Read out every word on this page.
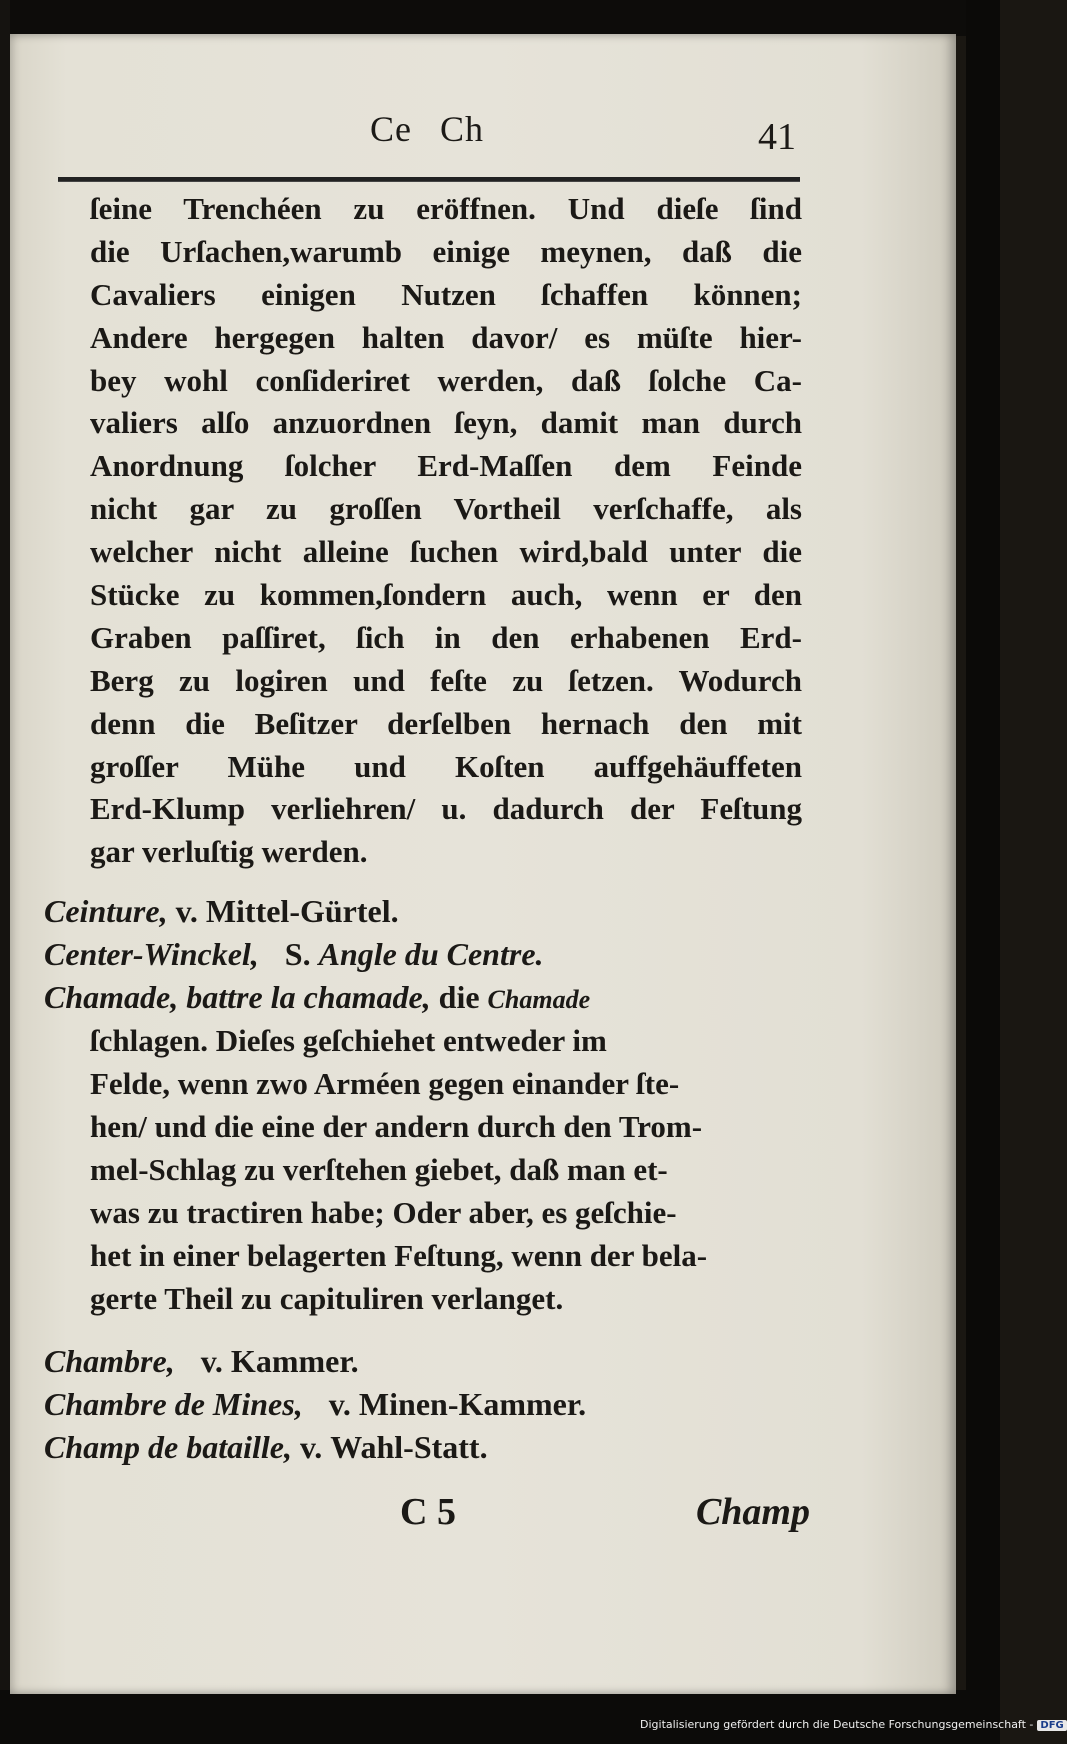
Ce Ch	41
ſeine Trenchéen zu eröffnen. Und dieſe ſind
die Urſachen,warumb einige meynen, daß die
Cavaliers einigen Nutzen ſchaffen können;
Andere hergegen halten davor/ es müſte hier-
bey wohl conſideriret werden, daß ſolche Ca-
valiers alſo anzuordnen ſeyn, damit man durch
Anordnung ſolcher Erd-Maſſen dem Feinde
nicht gar zu groſſen Vortheil verſchaffe, als
welcher nicht alleine ſuchen wird,bald unter die
Stücke zu kommen,ſondern auch, wenn er den
Graben paſſiret, ſich in den erhabenen Erd-
Berg zu logiren und feſte zu ſetzen. Wodurch
denn die Beſitzer derſelben hernach den mit
groſſer Mühe und Koſten auffgehäuffeten
Erd-Klump verliehren/ u. dadurch der Feſtung
gar verluſtig werden.
Ceinture, v. Mittel-Gürtel.
Center-Winckel, S. Angle du Centre.
Chamade, battre la chamade, die Chamade
ſchlagen. Dieſes geſchiehet entweder im
Felde, wenn zwo Arméen gegen einander ſte-
hen/ und die eine der andern durch den Trom-
mel-Schlag zu verſtehen giebet, daß man et-
was zu tractiren habe; Oder aber, es geſchie-
het in einer belagerten Feſtung, wenn der bela-
gerte Theil zu capituliren verlanget.
Chambre, v. Kammer.
Chambre de Mines, v. Minen-Kammer.
Champ de bataille, v. Wahl-Statt.
C 5	Champ
Digitalisierung gefördert durch die Deutsche Forschungsgemeinschaft - DFG
